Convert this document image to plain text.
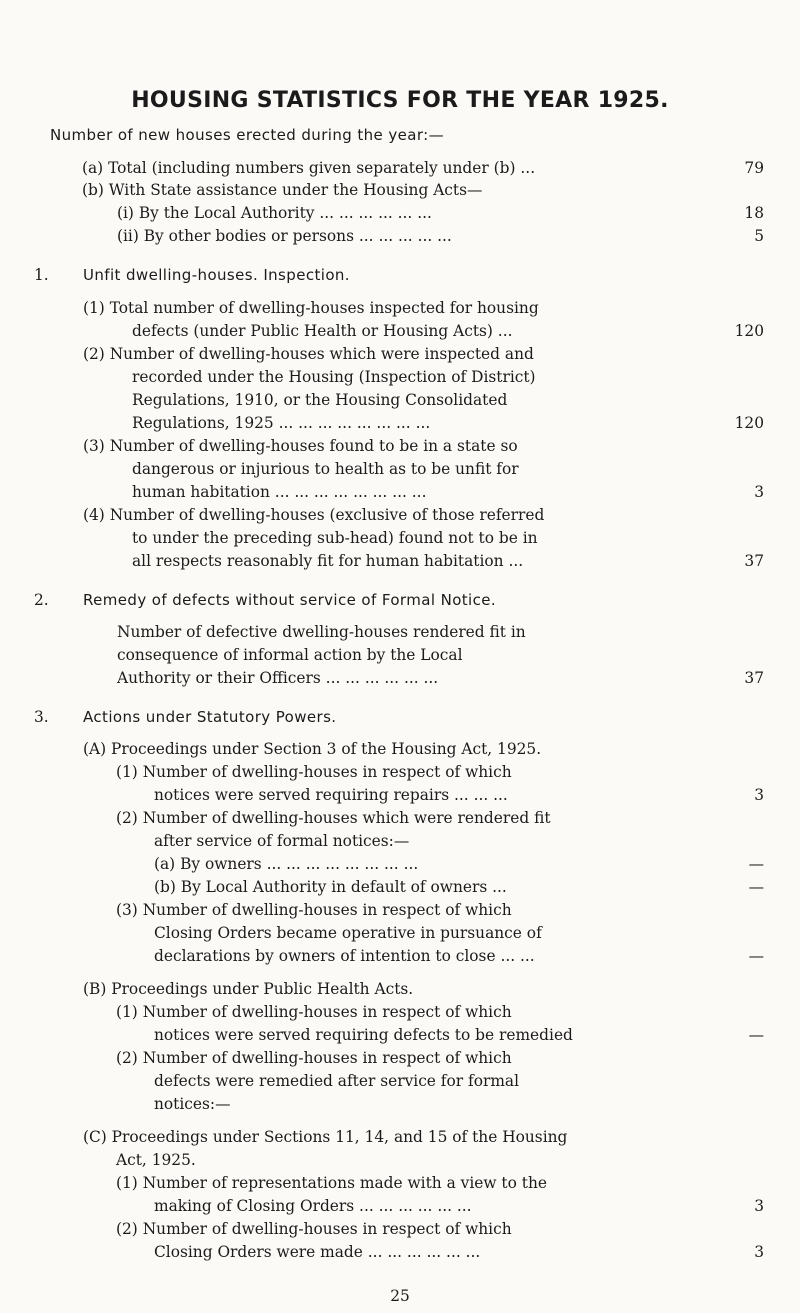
HOUSING STATISTICS FOR THE YEAR 1925.
Number of new houses erected during the year:—
(a) Total (including numbers given separately under (b) ...	79
(b) With State assistance under the Housing Acts—
(i) By the Local Authority ... ... ... ... ... ...	18
(ii) By other bodies or persons ... ... ... ... ...	5
1. Unfit dwelling-houses. Inspection.
(1) Total number of dwelling-houses inspected for housing
defects (under Public Health or Housing Acts) ...	120
(2) Number of dwelling-houses which were inspected and
recorded under the Housing (Inspection of District)
Regulations, 1910, or the Housing Consolidated
Regulations, 1925 ... ... ... ... ... ... ... ...	120
(3) Number of dwelling-houses found to be in a state so
dangerous or injurious to health as to be unfit for
human habitation ... ... ... ... ... ... ... ...	3
(4) Number of dwelling-houses (exclusive of those referred
to under the preceding sub-head) found not to be in
all respects reasonably fit for human habitation ...	37
2. Remedy of defects without service of Formal Notice.
Number of defective dwelling-houses rendered fit in
consequence of informal action by the Local
Authority or their Officers ... ... ... ... ... ...	37
3. Actions under Statutory Powers.
(A) Proceedings under Section 3 of the Housing Act, 1925.
(1) Number of dwelling-houses in respect of which
notices were served requiring repairs ... ... ...	3
(2) Number of dwelling-houses which were rendered fit
after service of formal notices:—
(a) By owners ... ... ... ... ... ... ... ...	—
(b) By Local Authority in default of owners ...	—
(3) Number of dwelling-houses in respect of which
Closing Orders became operative in pursuance of
declarations by owners of intention to close ... ...	—
(B) Proceedings under Public Health Acts.
(1) Number of dwelling-houses in respect of which
notices were served requiring defects to be remedied	—
(2) Number of dwelling-houses in respect of which
defects were remedied after service for formal
notices:—
(C) Proceedings under Sections 11, 14, and 15 of the Housing
Act, 1925.
(1) Number of representations made with a view to the
making of Closing Orders ... ... ... ... ... ...	3
(2) Number of dwelling-houses in respect of which
Closing Orders were made ... ... ... ... ... ...	3
25
